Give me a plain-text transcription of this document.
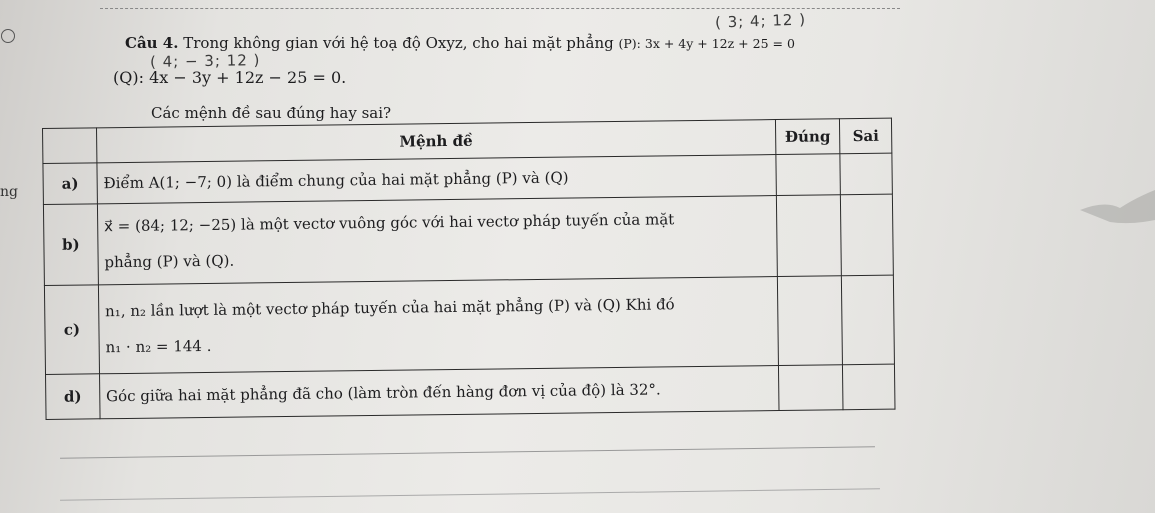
( 3; 4; 12 )
Câu 4. Trong không gian với hệ toạ độ Oxyz, cho hai mặt phẳng (P): 3x + 4y + 12z + 25 = 0
( 4; − 3; 12 )
(Q): 4x − 3y + 12z − 25 = 0.
Các mệnh đề sau đúng hay sai?
ng
	Mệnh đề	Đúng	Sai
a)	Điểm A(1; −7; 0) là điểm chung của hai mặt phẳng (P) và (Q)		

b)	x⃗ = (84; 12; −25) là một vectơ vuông góc với hai vectơ pháp tuyến của mặt
phẳng (P) và (Q).		

c)	n₁, n₂ lần lượt là một vectơ pháp tuyến của hai mặt phẳng (P) và (Q) Khi đó
n₁ · n₂ = 144 .		

d)	Góc giữa hai mặt phẳng đã cho (làm tròn đến hàng đơn vị của độ) là 32°.		
